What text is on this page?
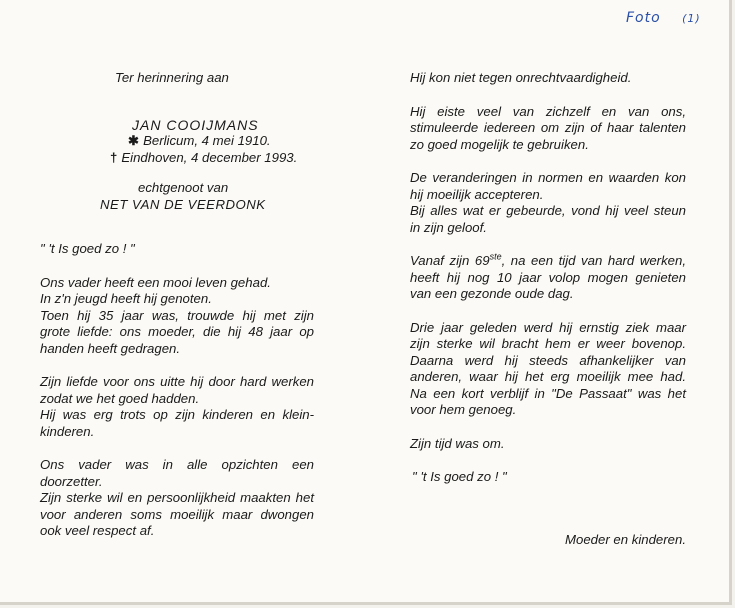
Foto (1)
Ter herinnering aan
JAN COOIJMANS
✱ Berlicum, 4 mei 1910.
† Eindhoven, 4 december 1993.
echtgenoot van
NET VAN DE VEERDONK
" 't Is goed zo ! "
Ons vader heeft een mooi leven gehad.
In z'n jeugd heeft hij genoten.
Toen hij 35 jaar was, trouwde hij met zijn
grote liefde: ons moeder, die hij 48 jaar op
handen heeft gedragen.
Zijn liefde voor ons uitte hij door hard werken
zodat we het goed hadden.
Hij was erg trots op zijn kinderen en klein-
kinderen.
Ons vader was in alle opzichten een doorzetter.
Zijn sterke wil en persoonlijkheid maakten het
voor anderen soms moeilijk maar dwongen
ook veel respect af.
Hij kon niet tegen onrechtvaardigheid.
Hij eiste veel van zichzelf en van ons,
stimuleerde iedereen om zijn of haar talenten
zo goed mogelijk te gebruiken.
De veranderingen in normen en waarden kon
hij moeilijk accepteren.
Bij alles wat er gebeurde, vond hij veel steun
in zijn geloof.
Vanaf zijn 69ste, na een tijd van hard werken,
heeft hij nog 10 jaar volop mogen genieten
van een gezonde oude dag.
Drie jaar geleden werd hij ernstig ziek maar
zijn sterke wil bracht hem er weer bovenop.
Daarna werd hij steeds afhankelijker van
anderen, waar hij het erg moeilijk mee had.
Na een kort verblijf in "De Passaat" was het
voor hem genoeg.
Zijn tijd was om.
" 't Is goed zo ! "
Moeder en kinderen.
